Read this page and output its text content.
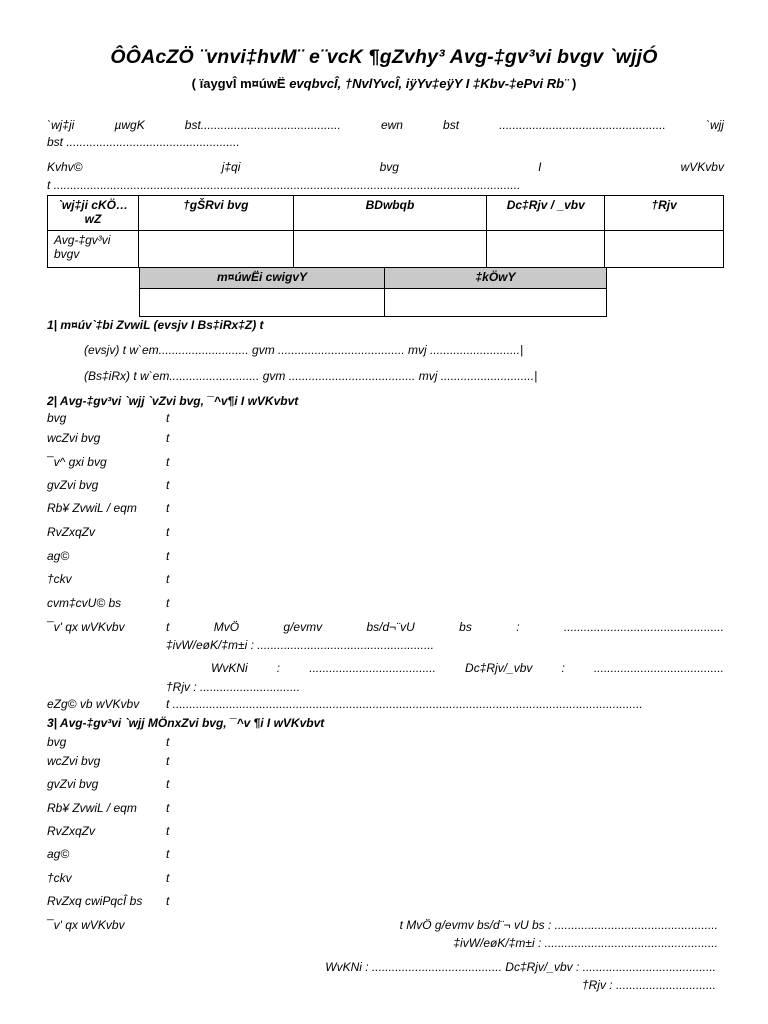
ÔÔAcZÖ ¨vnvi‡hvM¨ e¨vcK ¶gZvhy³ Avg-‡gv³vi bvgv `wjjÓ
( ïaygvÎ m¤úwË evqbvcÎ, †NvlYvcÎ, iÿYv‡eÿY I ‡Kbv-‡ePvi Rb¨ )
`wj‡ji	µwgK	bst..........................................	ewn	bst	..................................................	`wjj
bst ....................................................
Kvhv©	j‡qi	bvg	I	wVKvbv
t ............................................................................................................................................
`wj‡ji cKÖ… wZ	†gŠRvi bvg	BDwbqb	Dc‡Rjv / _vbv	†Rjv
Avg-‡gv³vi bvgv				
m¤úwËi cwigvY	‡kÖwY

1| m¤úv`‡bi ZvwiL (evsjv I Bs‡iRx‡Z) t
(evsjv) t w`em........................... gvm ...................................... mvj ...........................|
(Bs‡iRx) t w`em........................... gvm ...................................... mvj ............................|
2| Avg-‡gv³vi `wjj `vZvi bvg, ¯^v¶i I wVKvbvt
bvg	t
wcZvi bvg	t
¯v^ gxi bvg	t
gvZvi bvg	t
Rb¥ ZvwiL / eqm t
RvZxqZv	t
ag©	t
†ckv	t
cvm‡cvU© bs	t
¯v' qx wVKvbv	t	MvÖ	g/evmv	bs/d¬¨vU	bs	:	................................................
‡ivW/eøK/‡m±i : .....................................................
WvKNi : ...................................... Dc‡Rjv/_vbv : .......................................
†Rjv : ..............................
eZg© vb wVKvbv t .............................................................................................................................................
3| Avg-‡gv³vi `wjj MÖnxZvi bvg, ¯^v ¶i I wVKvbvt
bvg	t
wcZvi bvg	t
gvZvi bvg	t
Rb¥ ZvwiL / eqm t
RvZxqZv	t
ag©	t
†ckv	t
RvZxq cwiPqcÎ bs t
¯v' qx wVKvbv	t MvÖ g/evmv bs/d¨¬ vU bs : .................................................
‡ivW/eøK/‡m±i : ....................................................
WvKNi : ....................................... Dc‡Rjv/_vbv : ........................................
†Rjv : ..............................
